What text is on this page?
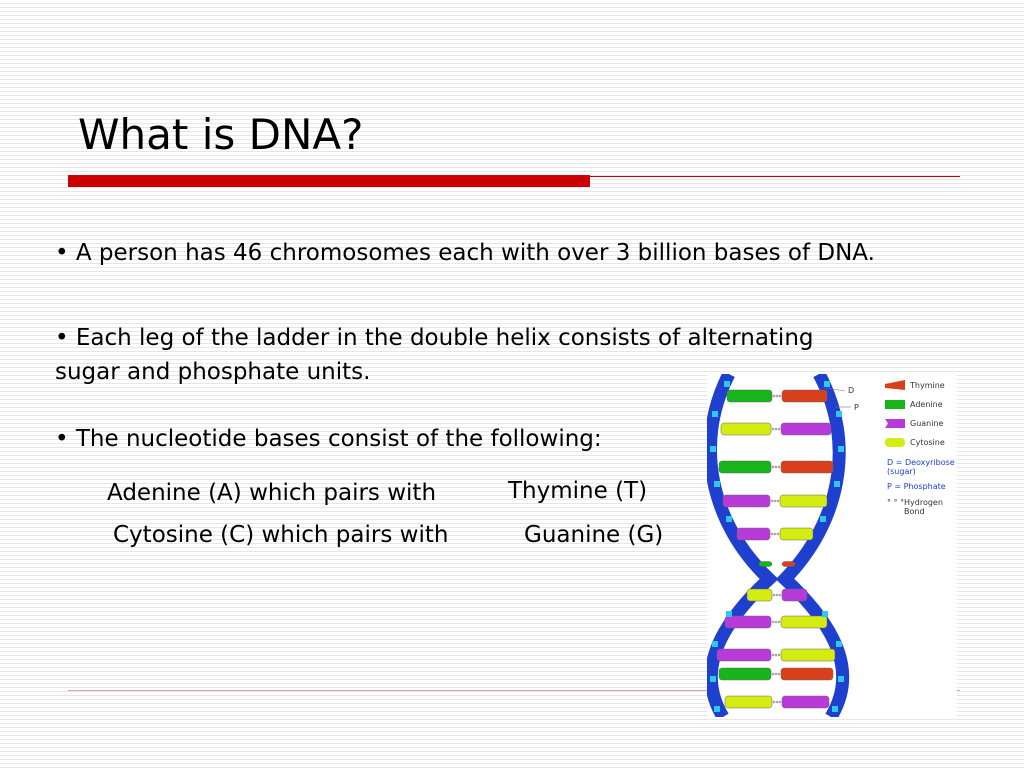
What is DNA?
• A person has 46 chromosomes each with over 3 billion bases of DNA.
• Each leg of the ladder in the double helix consists of alternating
sugar and phosphate units.
• The nucleotide bases consist of the following:
Adenine (A) which pairs with	Thymine (T)
Cytosine (C) which pairs with	Guanine (G)
D
P
Thymine
Adenine
Guanine
Cytosine
D = Deoxyribose
(sugar)
P = Phosphate
° ° ° Hydrogen
Bond
